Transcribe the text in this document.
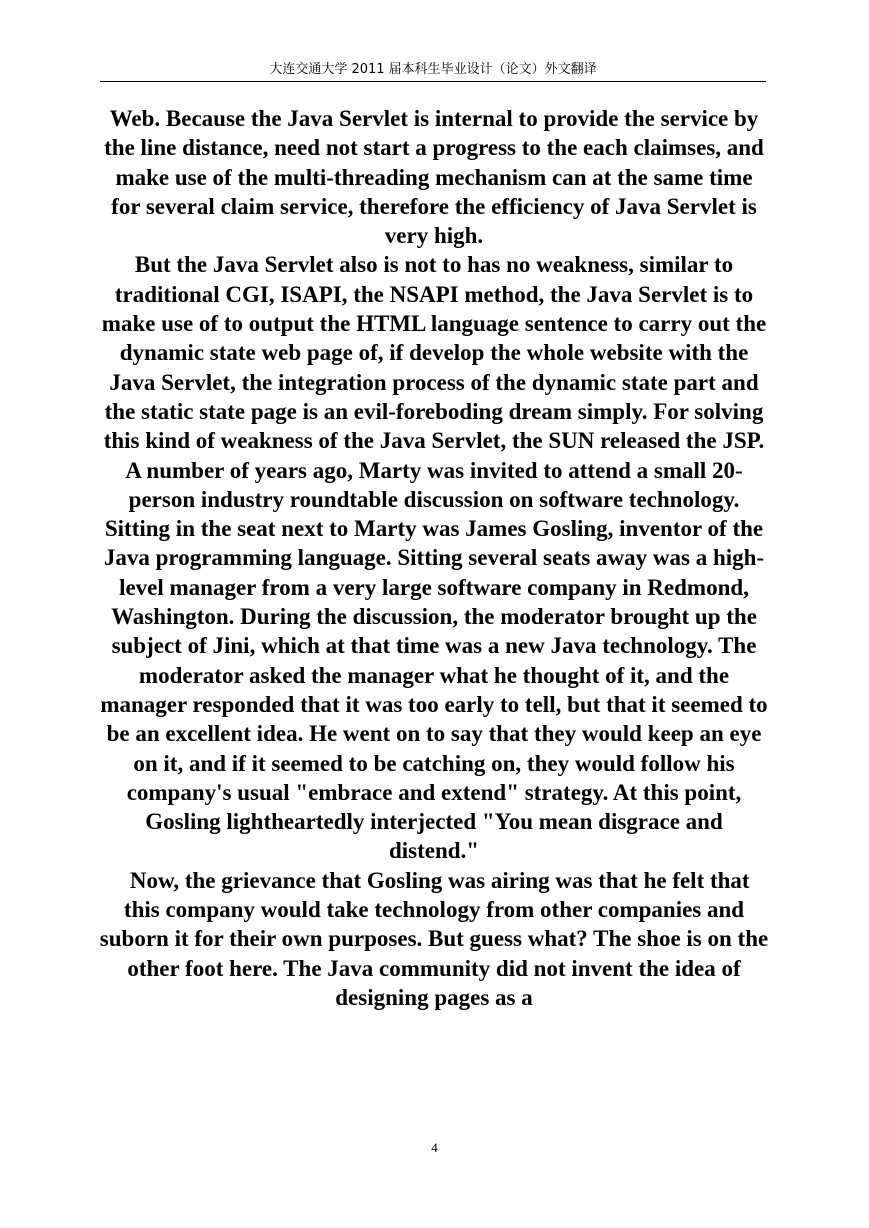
大连交通大学 2011 届本科生毕业设计（论文）外文翻译

Web. Because the Java Servlet is internal to provide the service by the line distance, need not start a progress to the each claimses, and make use of the multi-threading mechanism can at the same time for several claim service, therefore the efficiency of Java Servlet is very high.

But the Java Servlet also is not to has no weakness, similar to traditional CGI, ISAPI, the NSAPI method, the Java Servlet is to make use of to output the HTML language sentence to carry out the dynamic state web page of, if develop the whole website with the Java Servlet, the integration process of the dynamic state part and the static state page is an evil-foreboding dream simply. For solving this kind of weakness of the Java Servlet, the SUN released the JSP.

A number of years ago, Marty was invited to attend a small 20-person industry roundtable discussion on software technology. Sitting in the seat next to Marty was James Gosling, inventor of the Java programming language. Sitting several seats away was a high-level manager from a very large software company in Redmond, Washington. During the discussion, the moderator brought up the subject of Jini, which at that time was a new Java technology. The moderator asked the manager what he thought of it, and the manager responded that it was too early to tell, but that it seemed to be an excellent idea. He went on to say that they would keep an eye on it, and if it seemed to be catching on, they would follow his company's usual "embrace and extend" strategy. At this point, Gosling lightheartedly interjected "You mean disgrace and distend."

Now, the grievance that Gosling was airing was that he felt that this company would take technology from other companies and suborn it for their own purposes. But guess what? The shoe is on the other foot here. The Java community did not invent the idea of designing pages as a

4
